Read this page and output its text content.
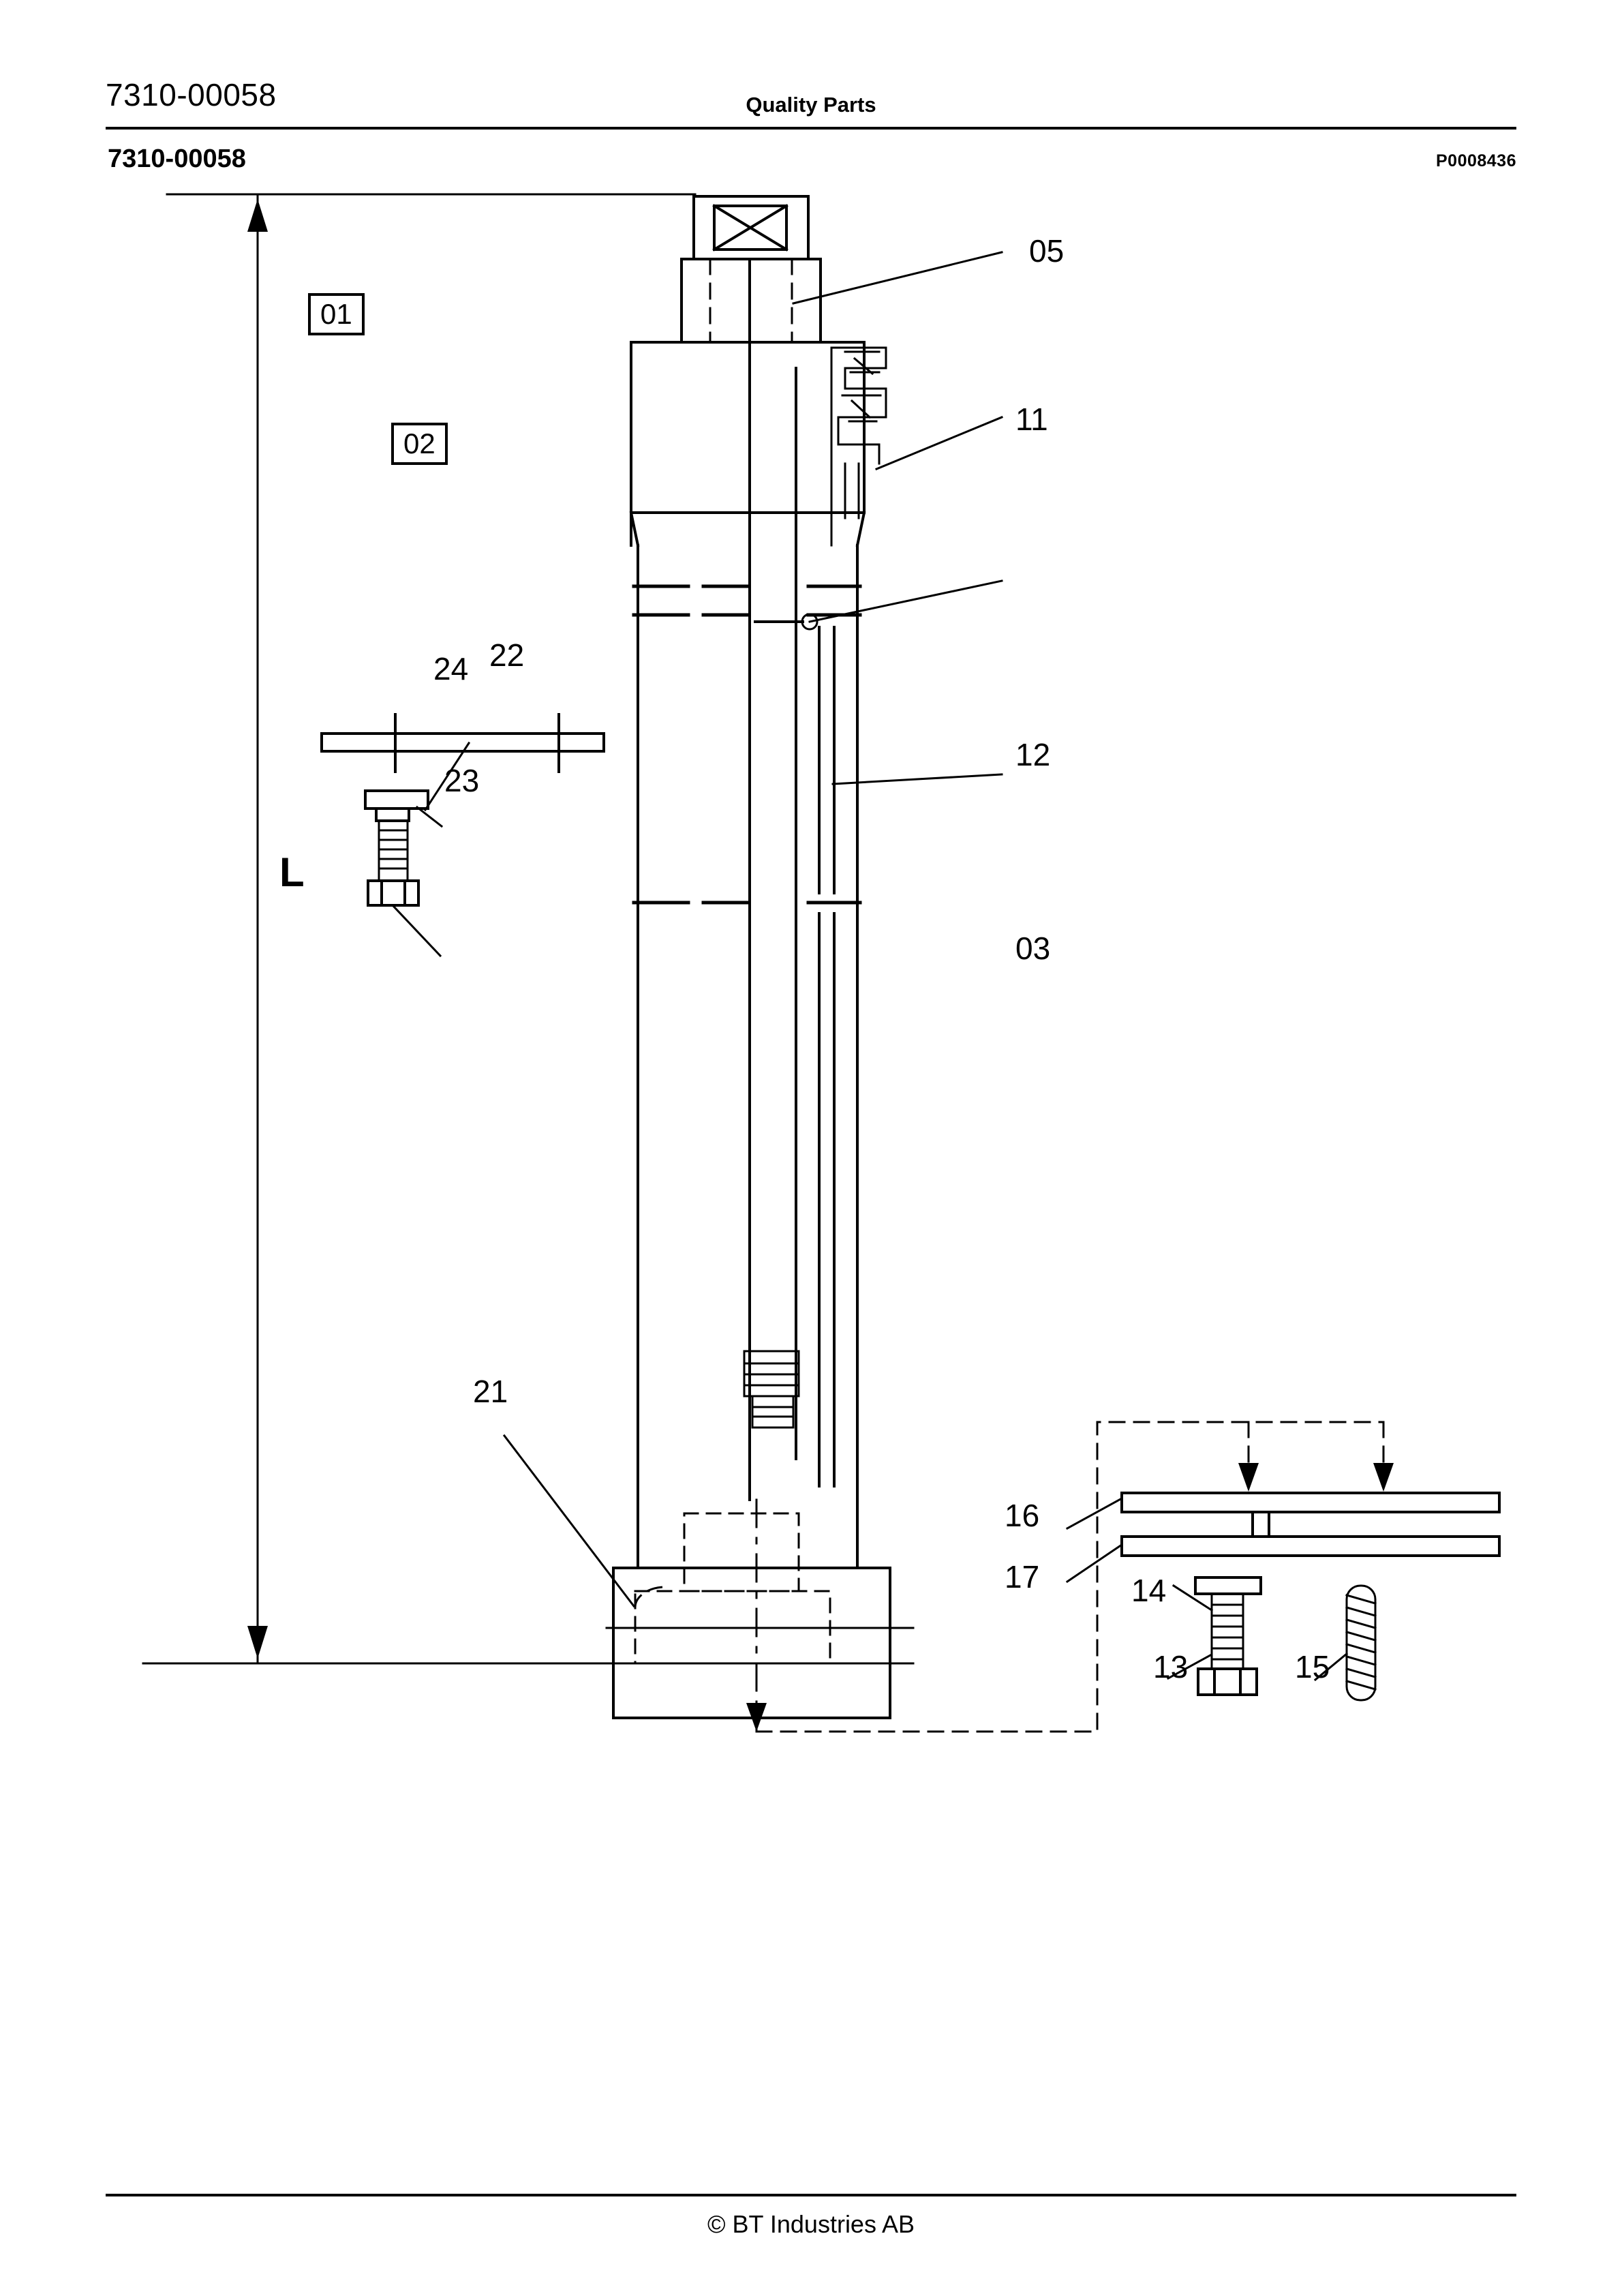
7310-00058	Quality Parts
7310-00058	P0008436
01
02
L
05
11
12
03
22
24
23
21
16
17	14
13	15
© BT Industries AB
